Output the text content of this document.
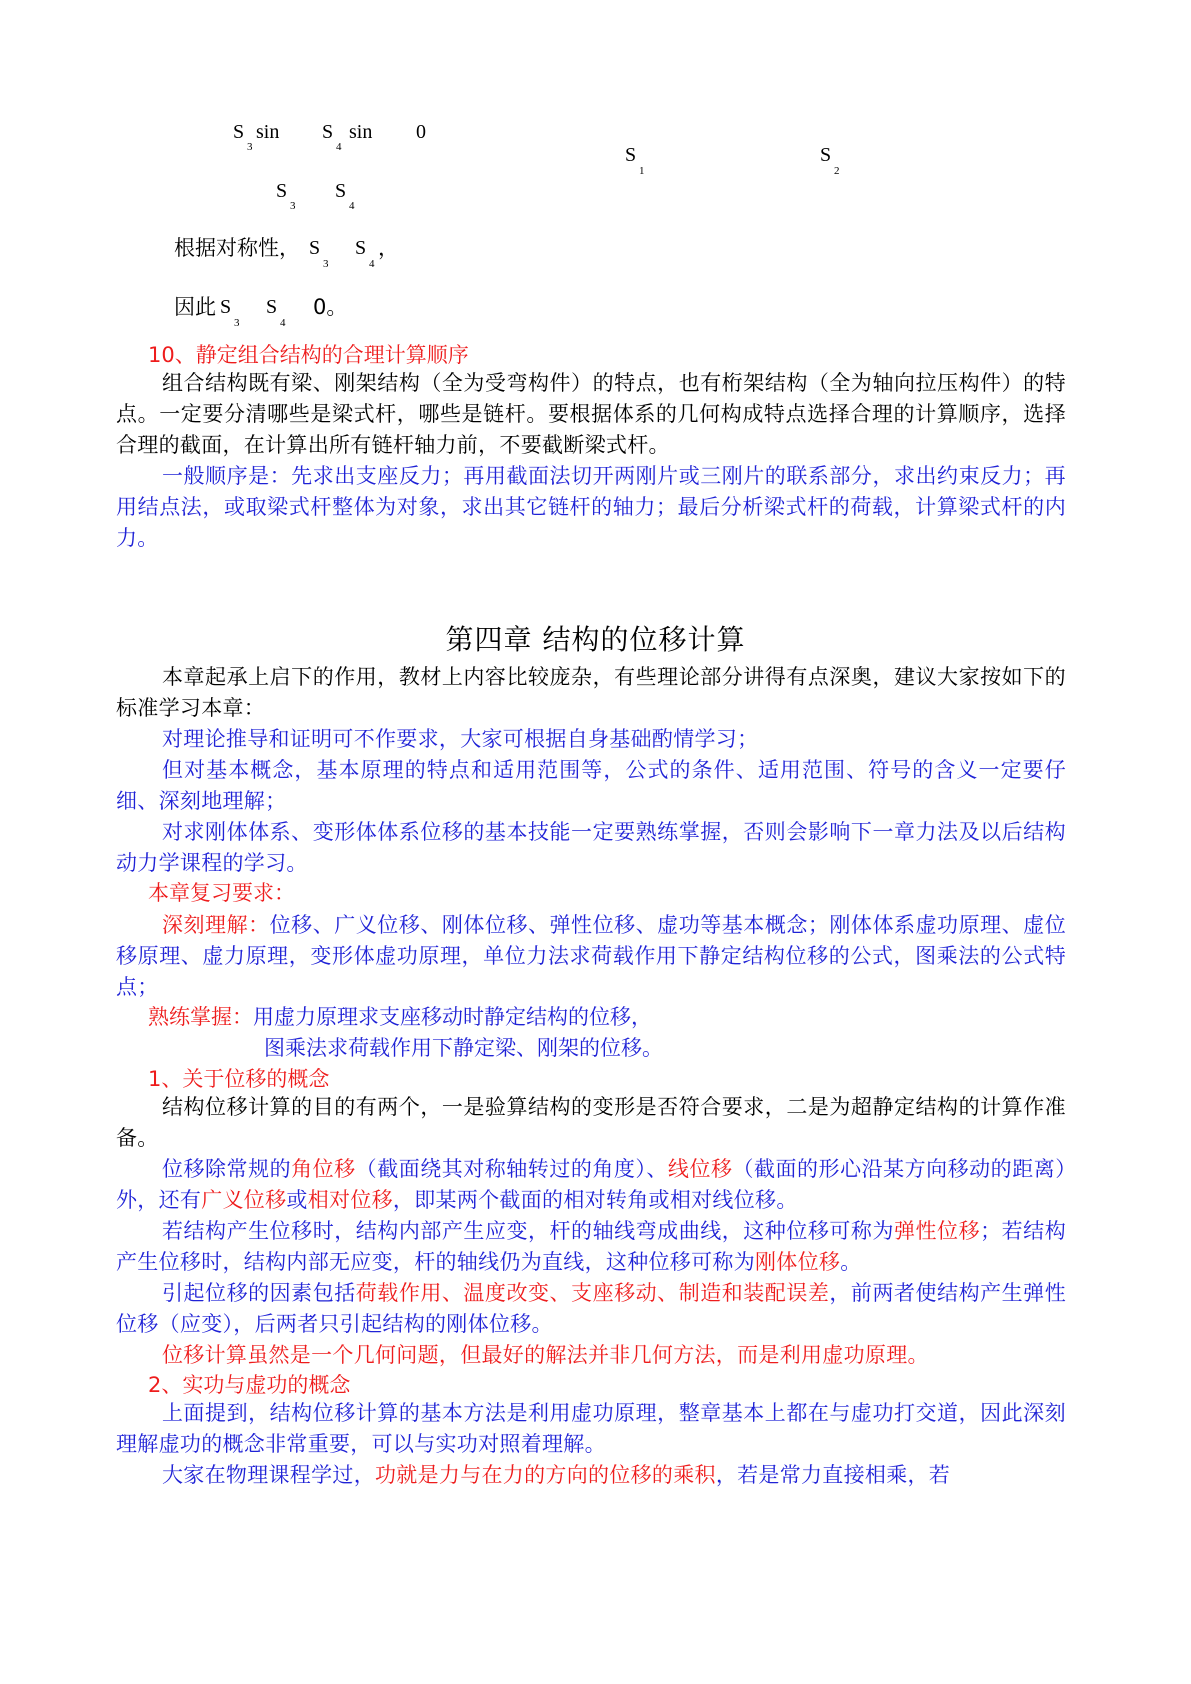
S
3
sin S
4
sin 0
S
1
S
2
S
3
S
4
根据对称性， S
3
S
4
，
因此 S
3
S
4
0。
10、静定组合结构的合理计算顺序
组合结构既有梁、刚架结构（全为受弯构件）的特点，也有桁架结构（全为轴向拉压构件）的特点。一定要分清哪些是梁式杆，哪些是链杆。要根据体系的几何构成特点选择合理的计算顺序，选择合理的截面，在计算出所有链杆轴力前，不要截断梁式杆。
一般顺序是：先求出支座反力；再用截面法切开两刚片或三刚片的联系部分，求出约束反力；再用结点法，或取梁式杆整体为对象，求出其它链杆的轴力；最后分析梁式杆的荷载，计算梁式杆的内力。
第四章 结构的位移计算
本章起承上启下的作用，教材上内容比较庞杂，有些理论部分讲得有点深奥，建议大家按如下的标准学习本章：
对理论推导和证明可不作要求，大家可根据自身基础酌情学习；
但对基本概念，基本原理的特点和适用范围等，公式的条件、适用范围、符号的含义一定要仔细、深刻地理解；
对求刚体体系、变形体体系位移的基本技能一定要熟练掌握，否则会影响下一章力法及以后结构动力学课程的学习。
本章复习要求：
深刻理解：位移、广义位移、刚体位移、弹性位移、虚功等基本概念；刚体体系虚功原理、虚位移原理、虚力原理，变形体虚功原理，单位力法求荷载作用下静定结构位移的公式，图乘法的公式特点；
熟练掌握：用虚力原理求支座移动时静定结构的位移，
图乘法求荷载作用下静定梁、刚架的位移。
1、关于位移的概念
结构位移计算的目的有两个，一是验算结构的变形是否符合要求，二是为超静定结构的计算作准备。
位移除常规的角位移（截面绕其对称轴转过的角度）、线位移（截面的形心沿某方向移动的距离）外，还有广义位移或相对位移，即某两个截面的相对转角或相对线位移。
若结构产生位移时，结构内部产生应变，杆的轴线弯成曲线，这种位移可称为弹性位移；若结构产生位移时，结构内部无应变，杆的轴线仍为直线，这种位移可称为刚体位移。
引起位移的因素包括荷载作用、温度改变、支座移动、制造和装配误差，前两者使结构产生弹性位移（应变），后两者只引起结构的刚体位移。
位移计算虽然是一个几何问题，但最好的解法并非几何方法，而是利用虚功原理。
2、实功与虚功的概念
上面提到，结构位移计算的基本方法是利用虚功原理，整章基本上都在与虚功打交道，因此深刻理解虚功的概念非常重要，可以与实功对照着理解。
大家在物理课程学过，功就是力与在力的方向的位移的乘积，若是常力直接相乘，若
